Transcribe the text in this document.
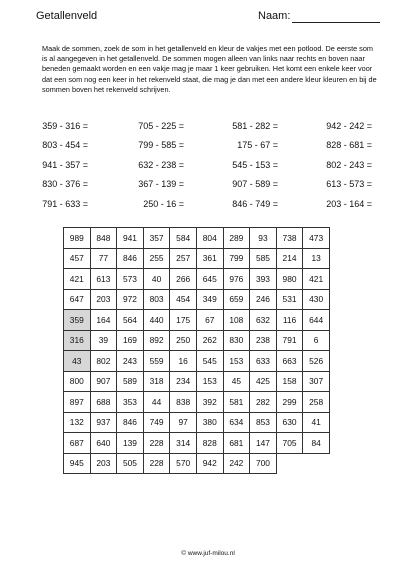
Getallenveld	Naam:
Maak de sommen, zoek de som in het getallenveld en kleur de vakjes met een potlood. De eerste som is al aangegeven in het getallenveld. De sommen mogen alleen van links naar rechts en boven naar beneden gemaakt worden en een vakje mag je maar 1 keer gebruiken. Het komt een enkele keer voor dat een som nog een keer in het rekenveld staat, die mag je dan met een andere kleur kleuren en bij de sommen boven het rekenveld schrijven.
359 - 316 =	705 - 225 =	581 - 282 =	942 - 242 =
803 - 454 =	799 - 585 =	175 - 67 =	828 - 681 =
941 - 357 =	632 - 238 =	545 - 153 =	802 - 243 =
830 - 376 =	367 - 139 =	907 - 589 =	613 - 573 =
791 - 633 =	250 - 16 =	846 - 749 =	203 - 164 =
989	848	941	357	584	804	289	93	738	473
457	77	846	255	257	361	799	585	214	13
421	613	573	40	266	645	976	393	980	421
647	203	972	803	454	349	659	246	531	430
359	164	564	440	175	67	108	632	116	644
316	39	169	892	250	262	830	238	791	6
43	802	243	559	16	545	153	633	663	526
800	907	589	318	234	153	45	425	158	307
897	688	353	44	838	392	581	282	299	258
132	937	846	749	97	380	634	853	630	41
687	640	139	228	314	828	681	147	705	84
945	203	505	228	570	942	242	700		
© www.juf-milou.nl
